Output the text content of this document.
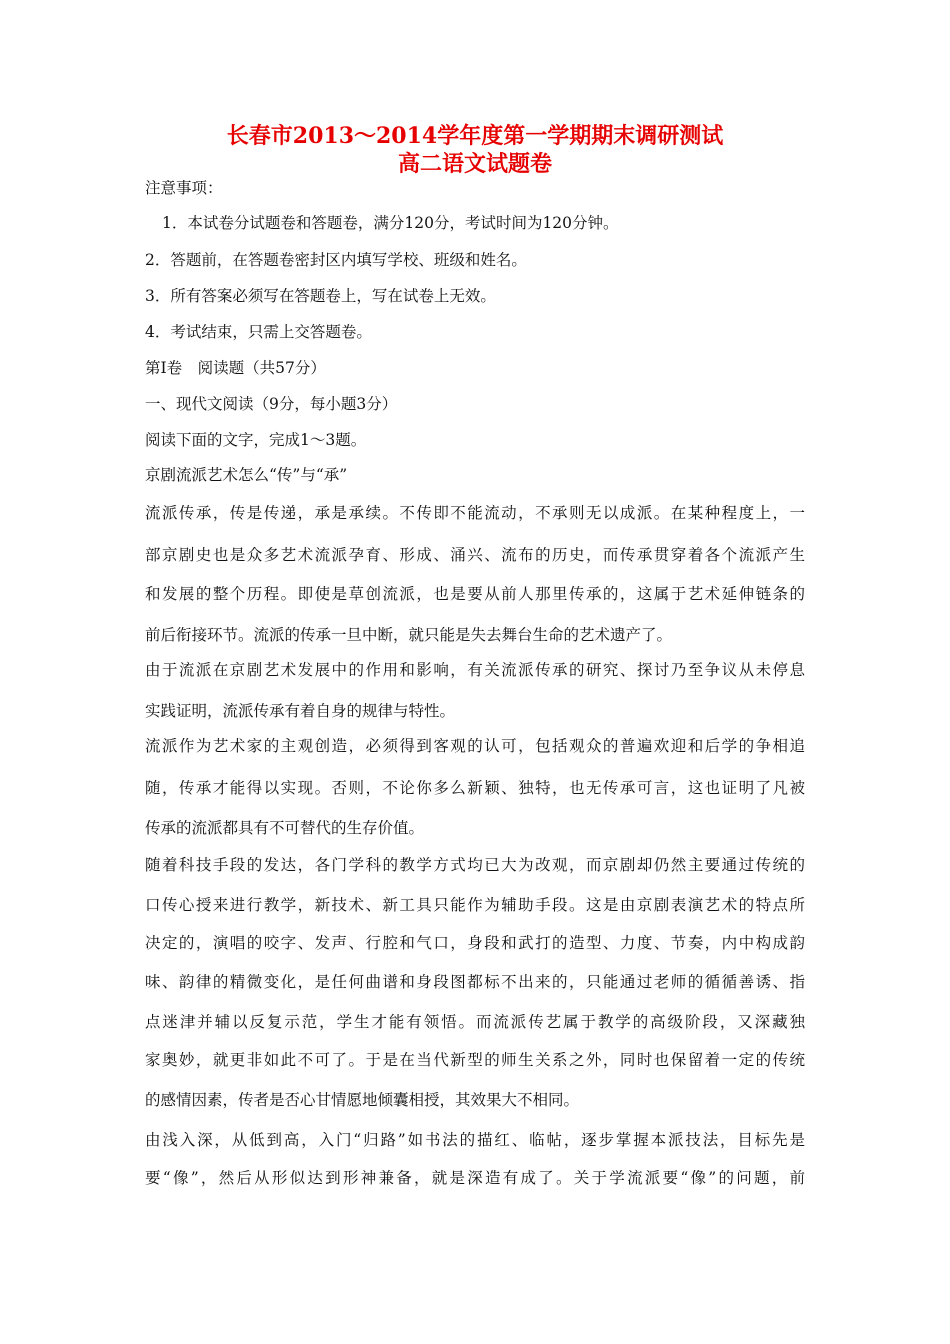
长春市2013～2014学年度第一学期期末调研测试
高二语文试题卷
注意事项：
1．本试卷分试题卷和答题卷，满分120分，考试时间为120分钟。
2．答题前，在答题卷密封区内填写学校、班级和姓名。
3．所有答案必须写在答题卷上，写在试卷上无效。
4．考试结束，只需上交答题卷。
第Ⅰ卷　阅读题（共57分）
一、现代文阅读（9分，每小题3分）
阅读下面的文字，完成1～3题。
京剧流派艺术怎么“传”与“承”
流派传承，传是传递，承是承续。不传即不能流动，不承则无以成派。在某种程度上，一
部京剧史也是众多艺术流派孕育、形成、涌兴、流布的历史，而传承贯穿着各个流派产生
和发展的整个历程。即使是草创流派，也是要从前人那里传承的，这属于艺术延伸链条的
前后衔接环节。流派的传承一旦中断，就只能是失去舞台生命的艺术遗产了。
由于流派在京剧艺术发展中的作用和影响，有关流派传承的研究、探讨乃至争议从未停息
实践证明，流派传承有着自身的规律与特性。
流派作为艺术家的主观创造，必须得到客观的认可，包括观众的普遍欢迎和后学的争相追
随，传承才能得以实现。否则，不论你多么新颖、独特，也无传承可言，这也证明了凡被
传承的流派都具有不可替代的生存价值。
随着科技手段的发达，各门学科的教学方式均已大为改观，而京剧却仍然主要通过传统的
口传心授来进行教学，新技术、新工具只能作为辅助手段。这是由京剧表演艺术的特点所
决定的，演唱的咬字、发声、行腔和气口，身段和武打的造型、力度、节奏，内中构成韵
味、韵律的精微变化，是任何曲谱和身段图都标不出来的，只能通过老师的循循善诱、指
点迷津并辅以反复示范，学生才能有领悟。而流派传艺属于教学的高级阶段，又深藏独
家奥妙，就更非如此不可了。于是在当代新型的师生关系之外，同时也保留着一定的传统
的感情因素，传者是否心甘情愿地倾囊相授，其效果大不相同。
由浅入深，从低到高，入门“归路”如书法的描红、临帖，逐步掌握本派技法，目标先是
要“像”，然后从形似达到形神兼备，就是深造有成了。关于学流派要“像”的问题，前
